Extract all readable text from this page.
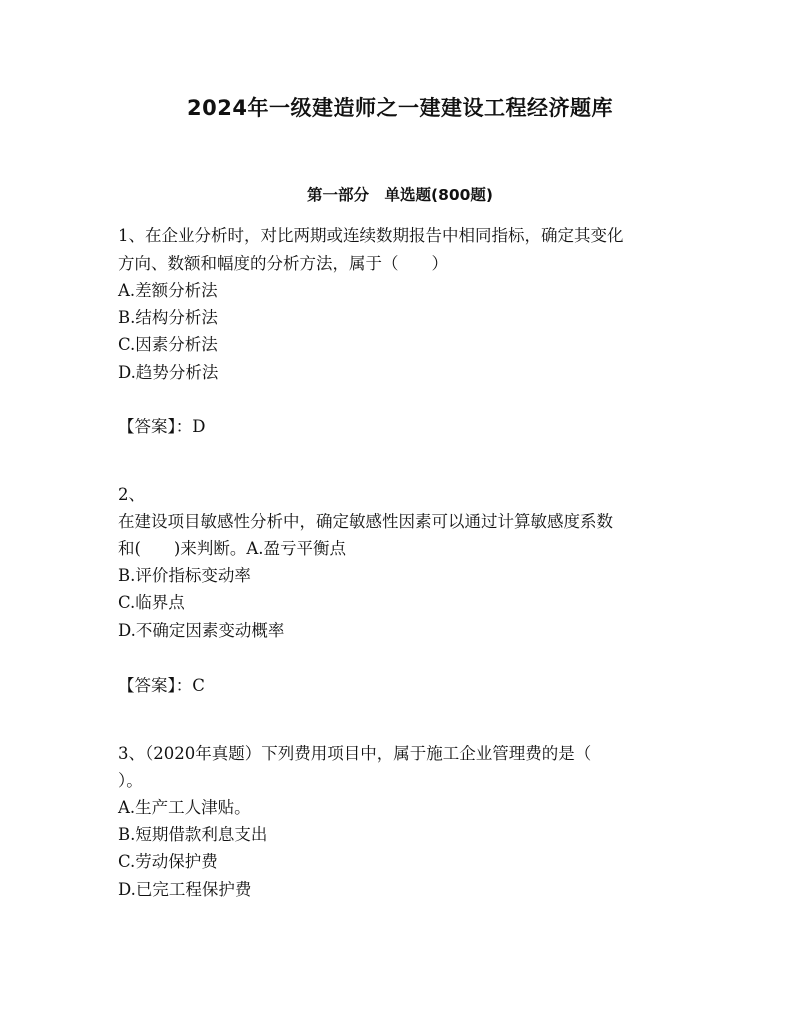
2024年一级建造师之一建建设工程经济题库
第一部分　单选题(800题)
1、在企业分析时，对比两期或连续数期报告中相同指标，确定其变化
方向、数额和幅度的分析方法，属于（　　）
A.差额分析法
B.结构分析法
C.因素分析法
D.趋势分析法
【答案】：D
2、
在建设项目敏感性分析中，确定敏感性因素可以通过计算敏感度系数
和(　　)来判断。A.盈亏平衡点
B.评价指标变动率
C.临界点
D.不确定因素变动概率
【答案】：C
3、（2020年真题）下列费用项目中，属于施工企业管理费的是（
）。
A.生产工人津贴。
B.短期借款利息支出
C.劳动保护费
D.已完工程保护费
